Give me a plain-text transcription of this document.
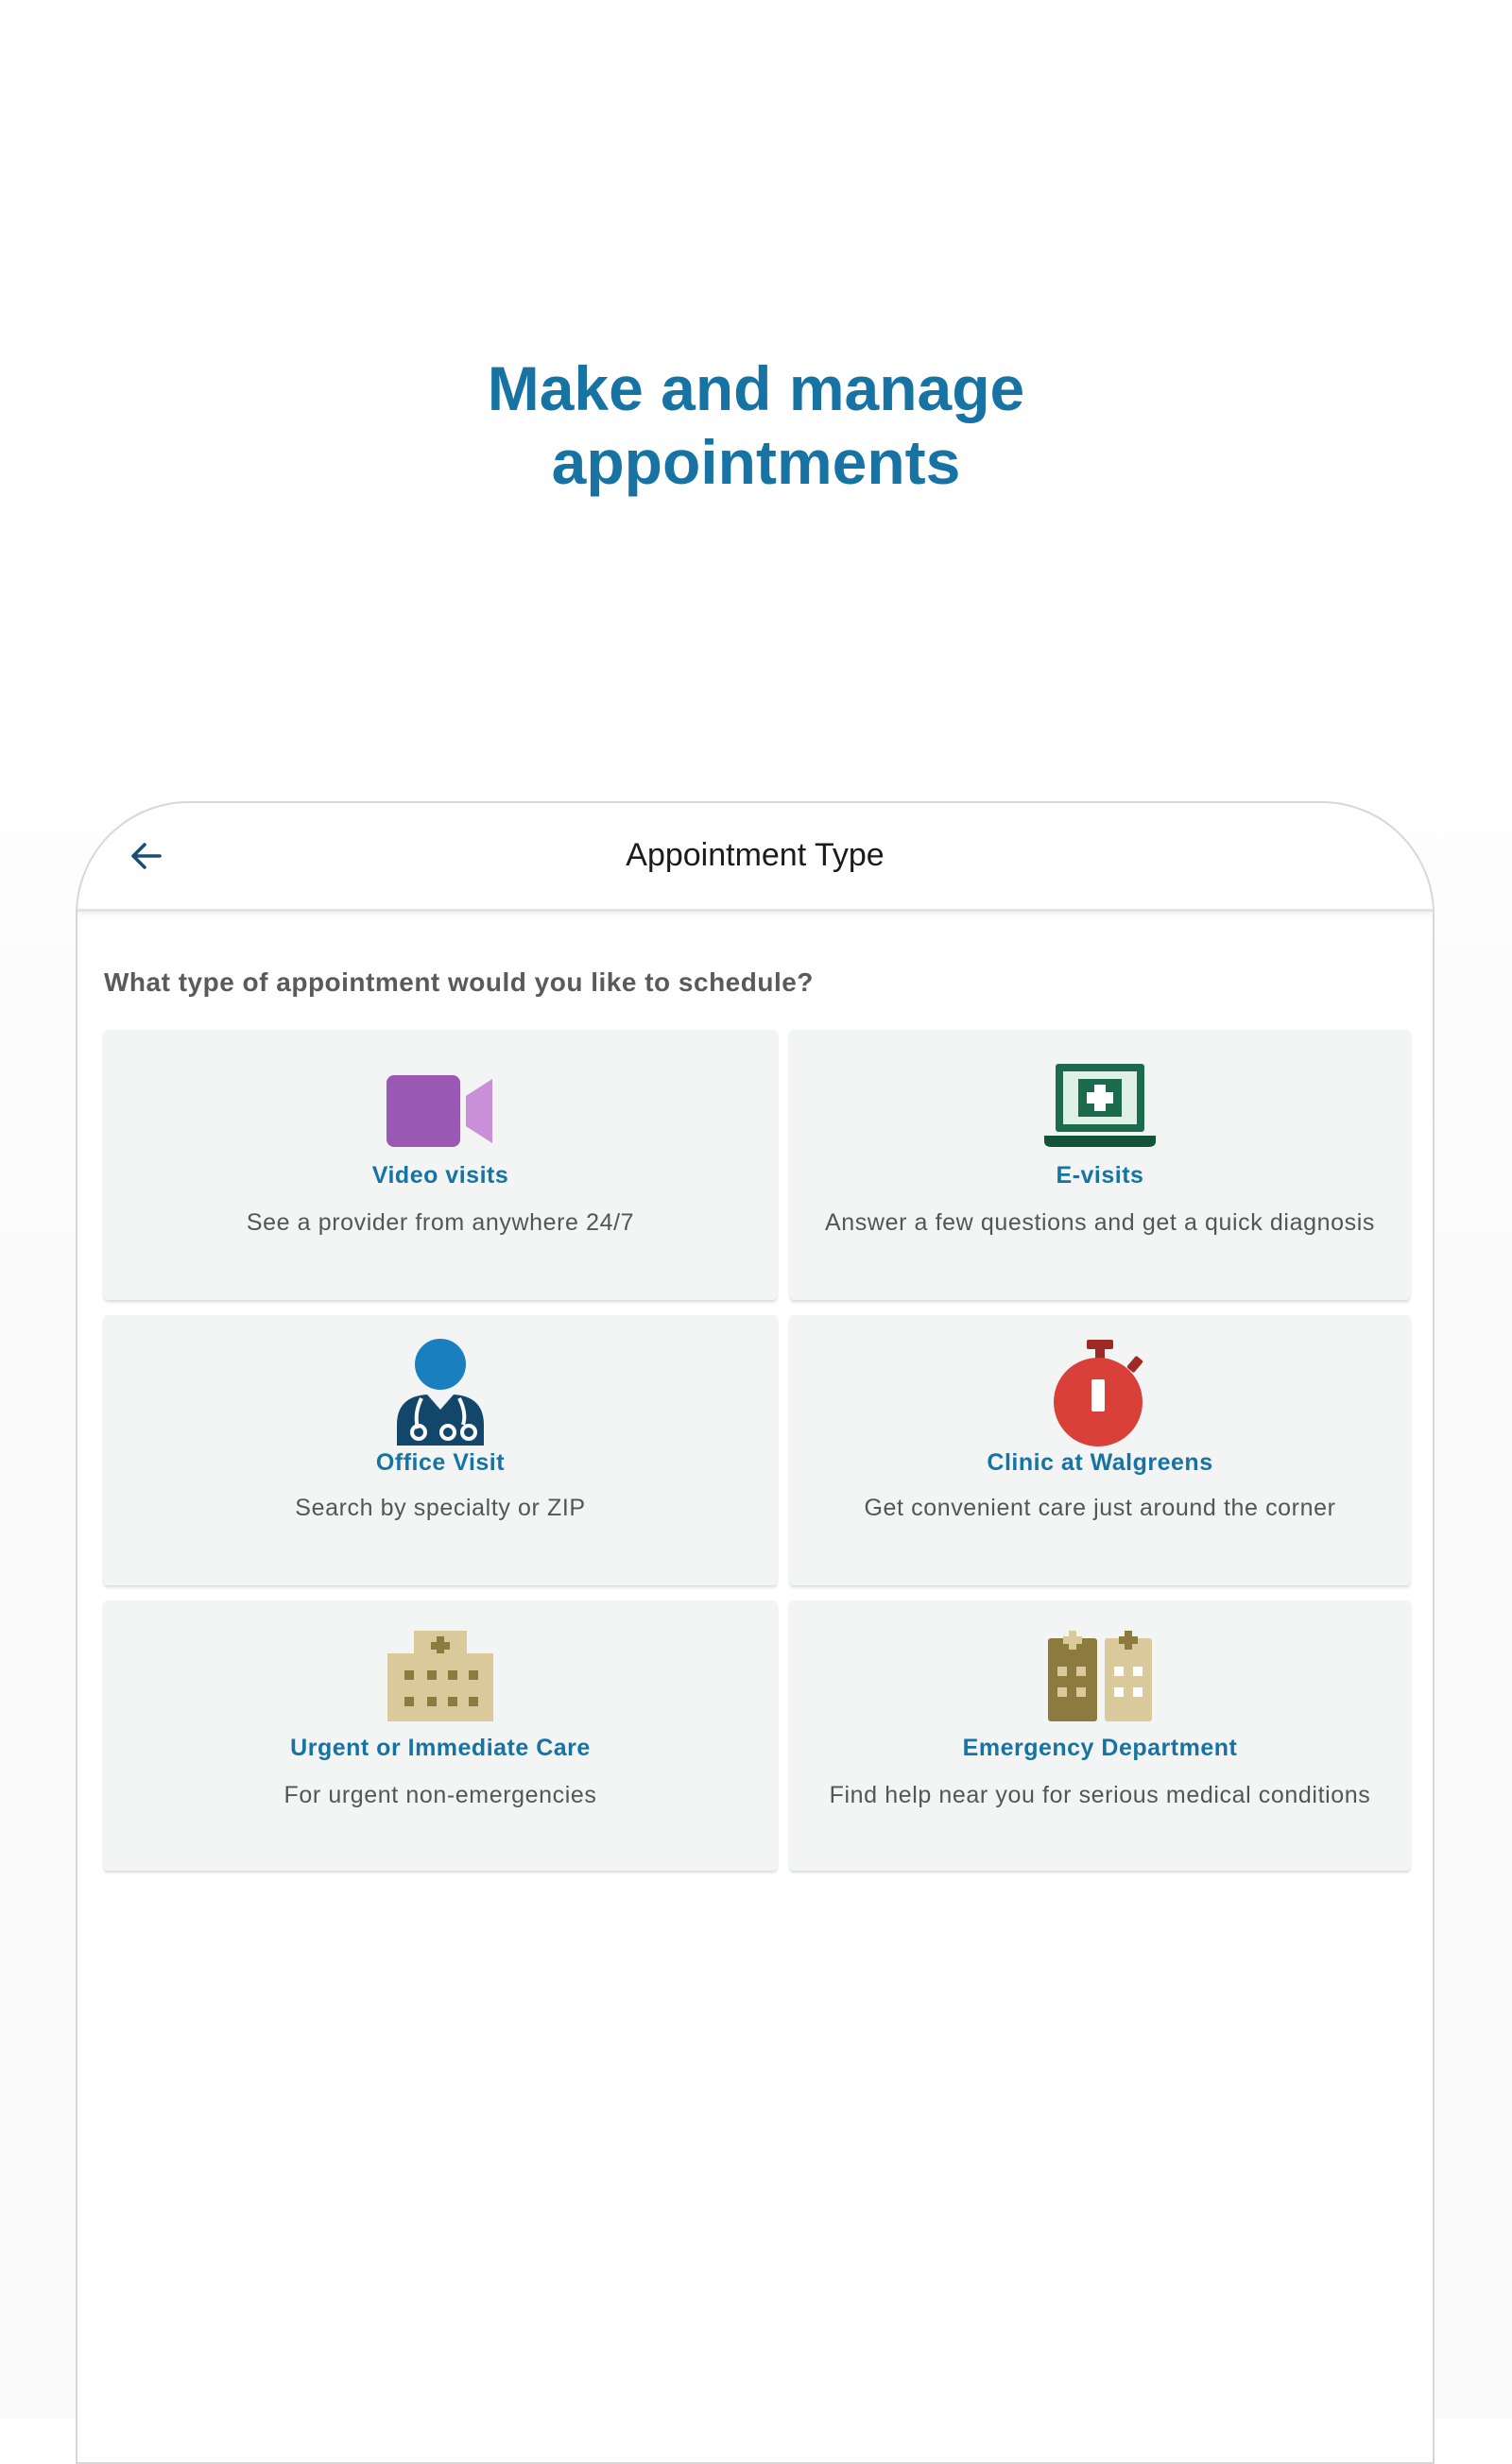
Make and manage
appointments
Appointment Type
What type of appointment would you like to schedule?
Video visits
See a provider from anywhere 24/7
E-visits
Answer a few questions and get a quick diagnosis
Office Visit
Search by specialty or ZIP
Clinic at Walgreens
Get convenient care just around the corner
Urgent or Immediate Care
For urgent non-emergencies
Emergency Department
Find help near you for serious medical conditions
